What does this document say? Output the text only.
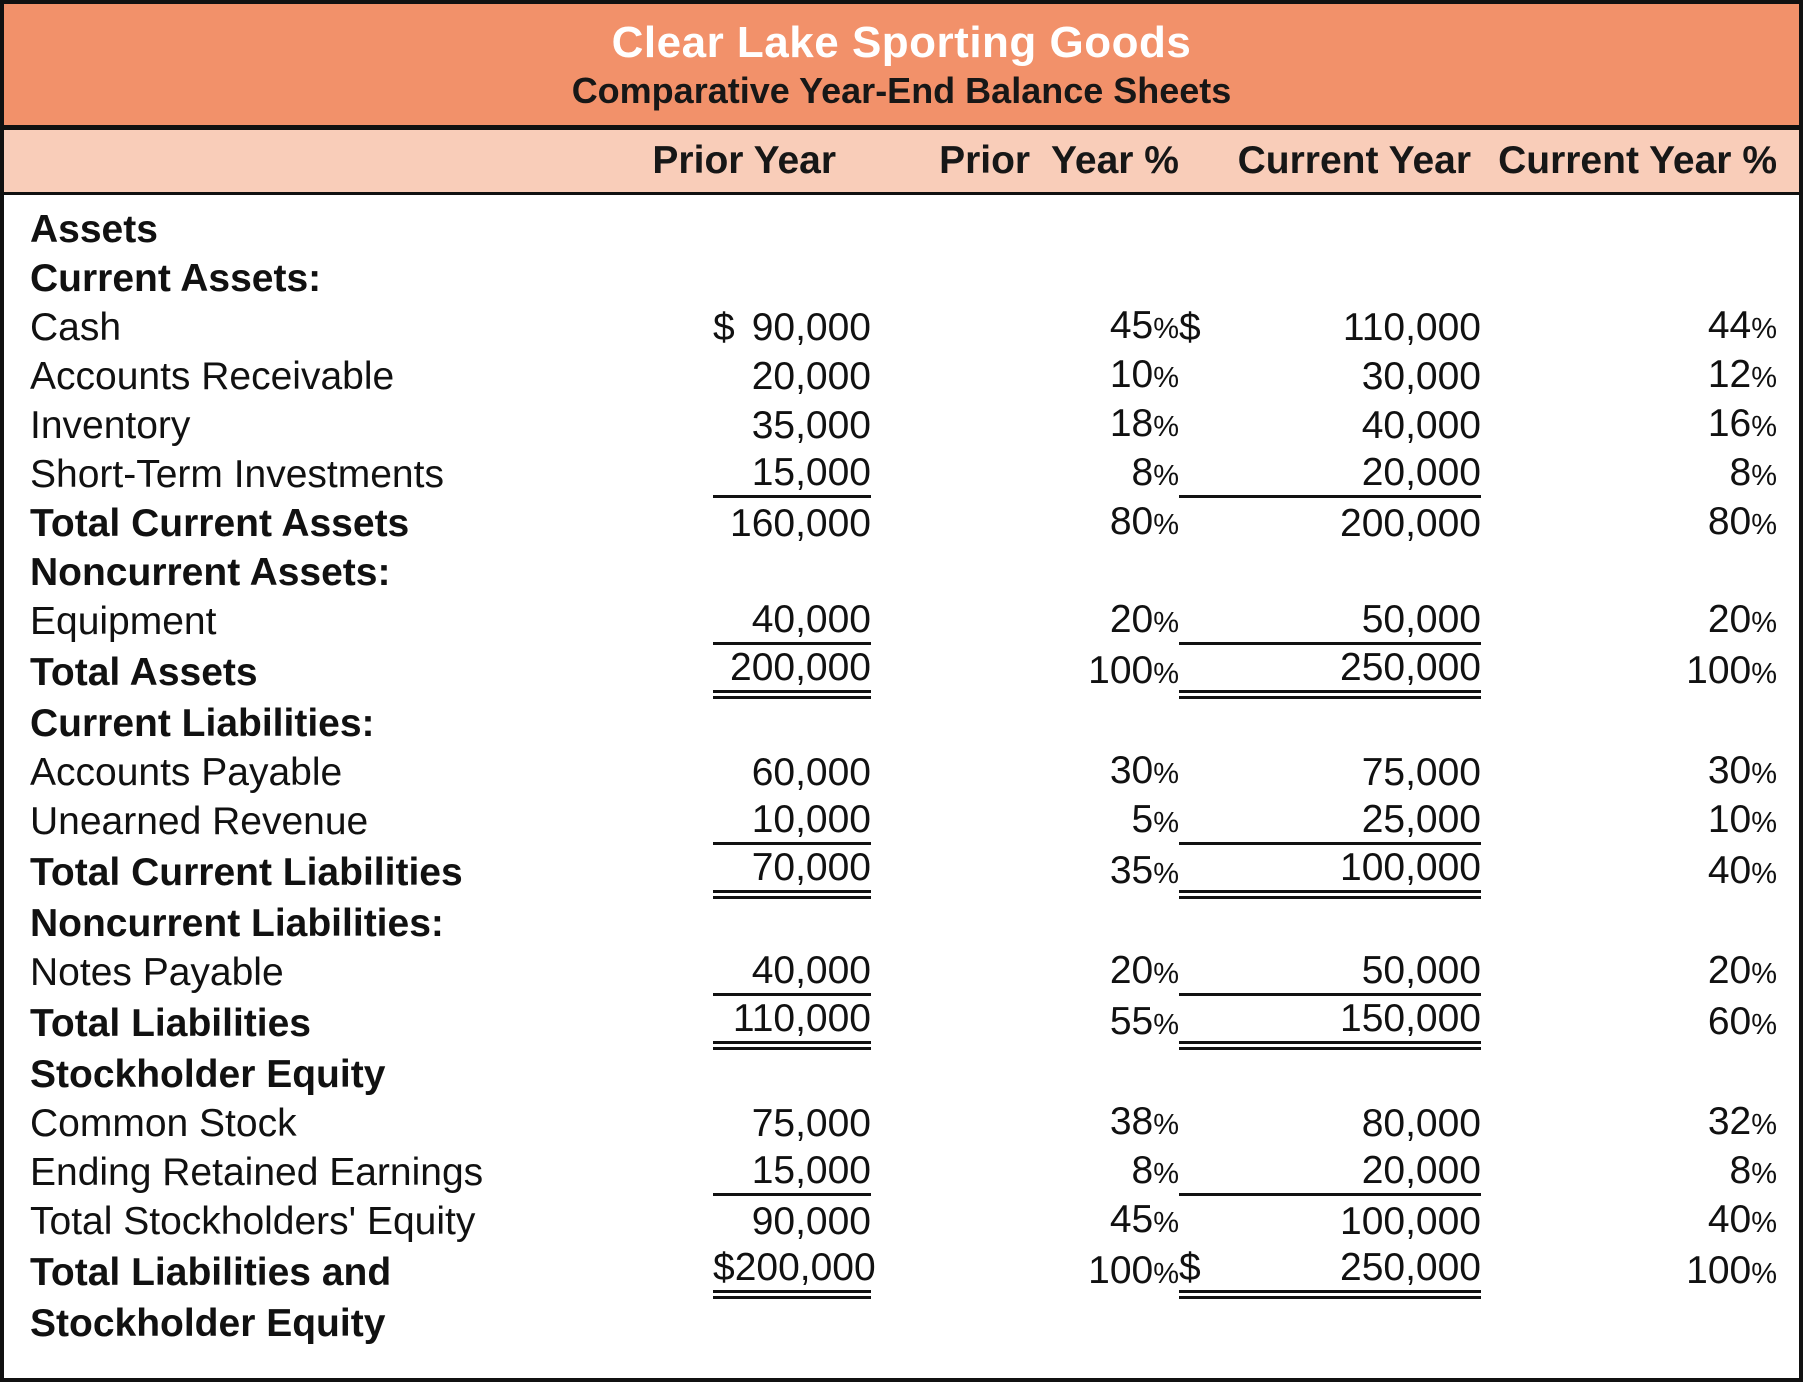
Clear Lake Sporting Goods
Comparative Year-End Balance Sheets

	Prior Year	Prior  Year %	Current Year	Current Year %

Assets				
Current Assets:				
Cash	$ 90,000	45%	$ 110,000	44%
Accounts Receivable	20,000	10%	30,000	12%
Inventory	35,000	18%	40,000	16%
Short-Term Investments	15,000	8%	20,000	8%
Total Current Assets	160,000	80%	200,000	80%
Noncurrent Assets:				
Equipment	40,000	20%	50,000	20%
Total Assets	200,000	100%	250,000	100%
Current Liabilities:				
Accounts Payable	60,000	30%	75,000	30%
Unearned Revenue	10,000	5%	25,000	10%
Total Current Liabilities	70,000	35%	100,000	40%
Noncurrent Liabilities:				
Notes Payable	40,000	20%	50,000	20%
Total Liabilities	110,000	55%	150,000	60%
Stockholder Equity				
Common Stock	75,000	38%	80,000	32%
Ending Retained Earnings	15,000	8%	20,000	8%
Total Stockholders' Equity	90,000	45%	100,000	40%
Total Liabilities and	$ 200,000	100%	$ 250,000	100%
Stockholder Equity				
